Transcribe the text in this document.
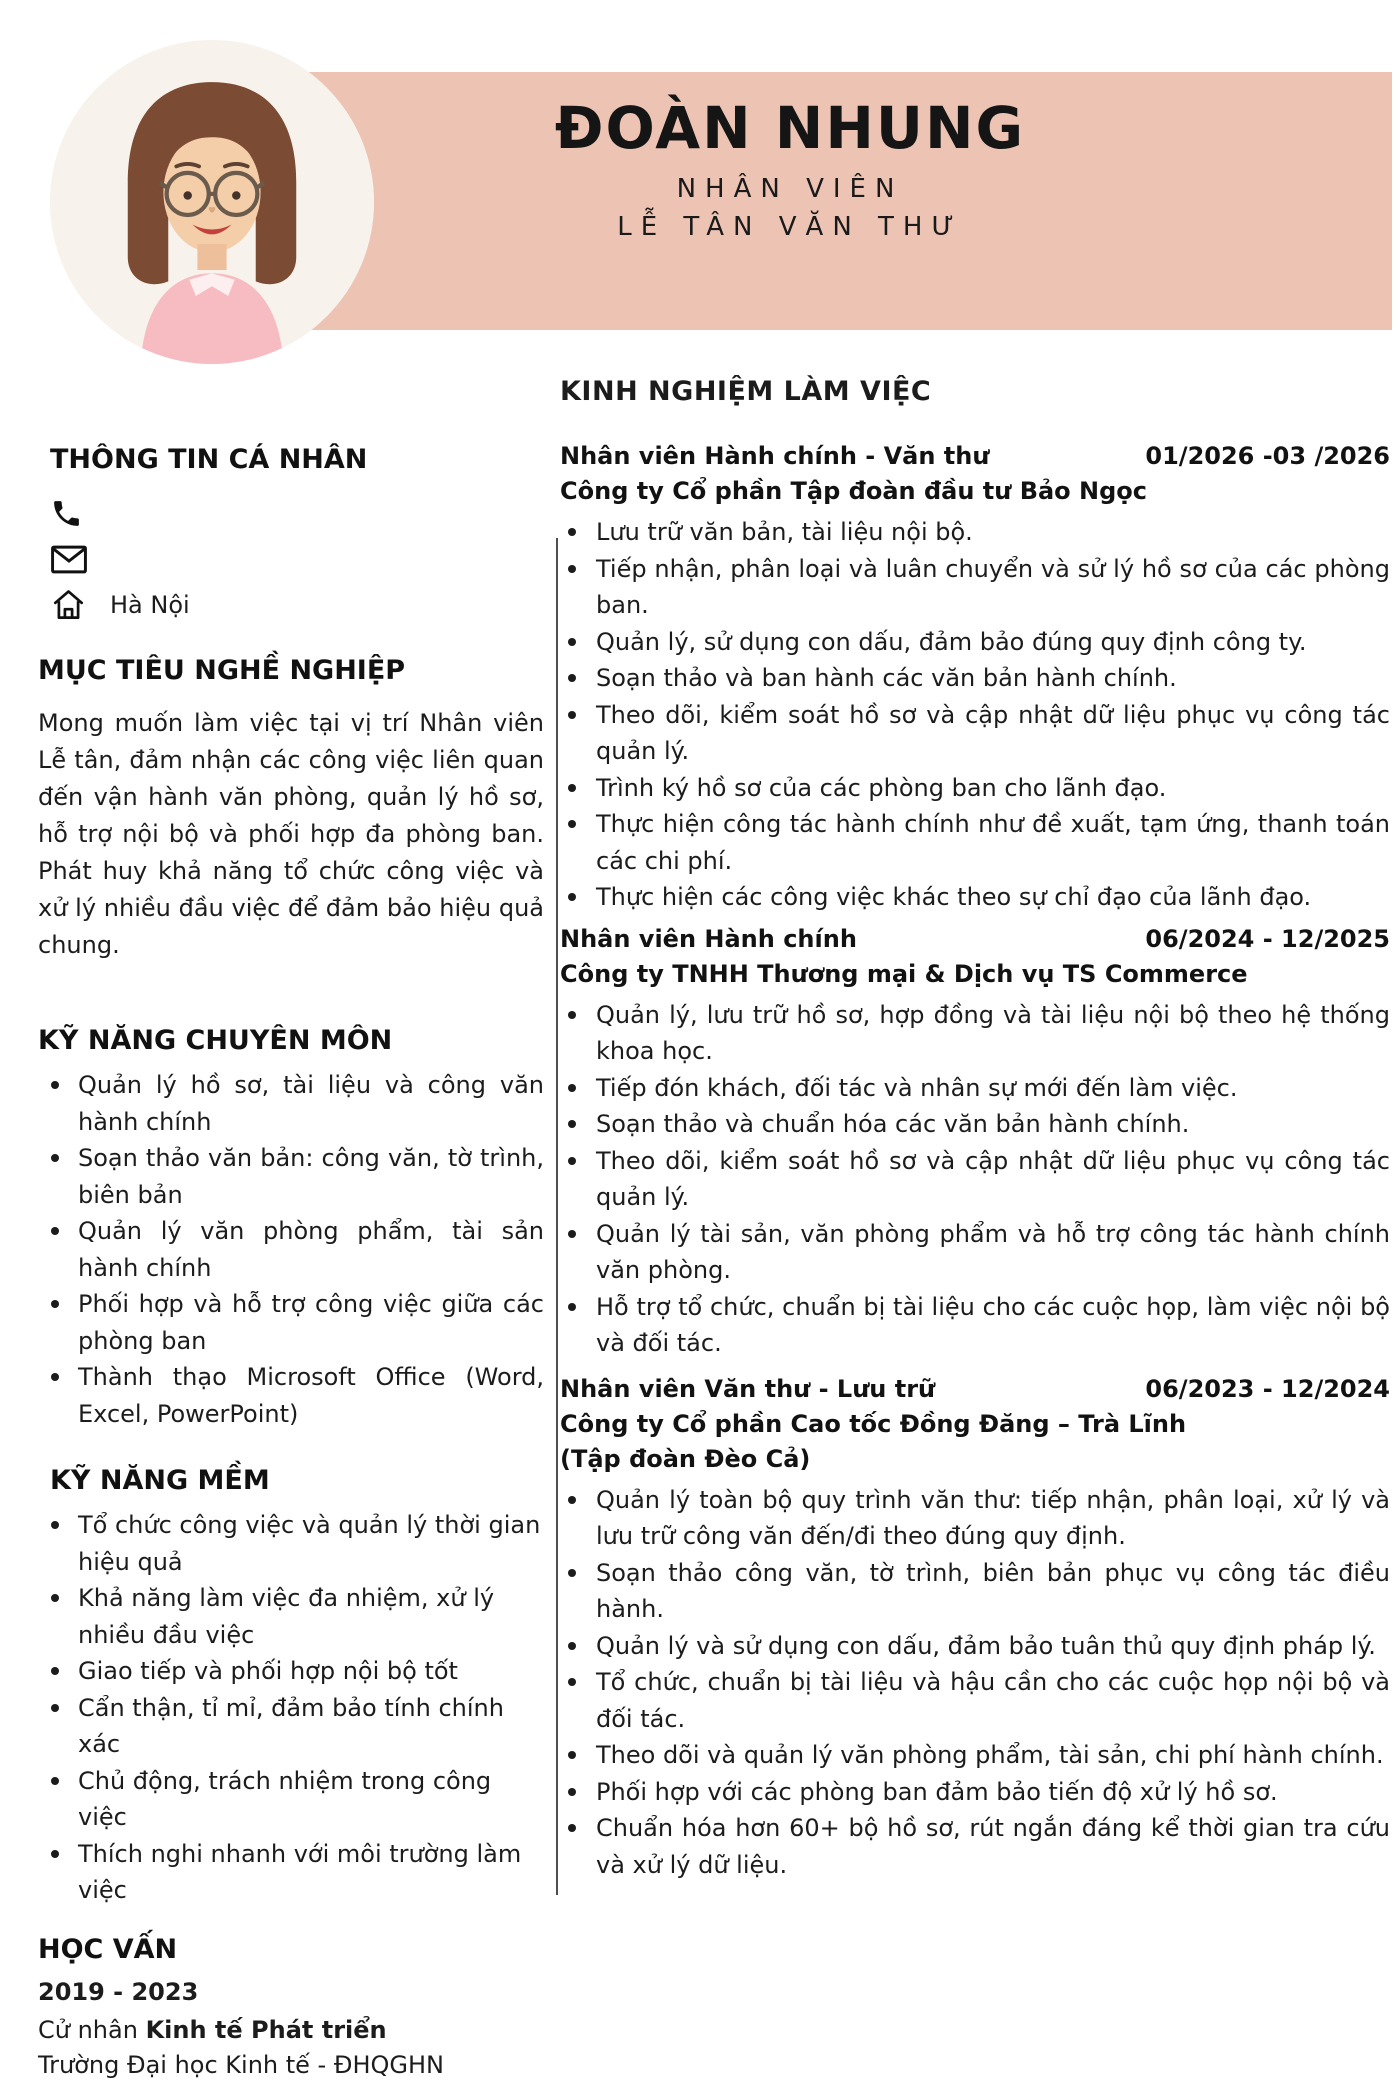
ĐOÀN NHUNG
NHÂN VIÊN
LỄ TÂN VĂN THƯ
THÔNG TIN CÁ NHÂN
Hà Nội
MỤC TIÊU NGHỀ NGHIỆP

Mong muốn làm việc tại vị trí Nhân viên Lễ tân, đảm nhận các công việc liên quan đến vận hành văn phòng, quản lý hồ sơ, hỗ trợ nội bộ và phối hợp đa phòng ban. Phát huy khả năng tổ chức công việc và xử lý nhiều đầu việc để đảm bảo hiệu quả chung.

KỸ NĂNG CHUYÊN MÔN
Quản lý hồ sơ, tài liệu và công văn hành chính
Soạn thảo văn bản: công văn, tờ trình, biên bản
Quản lý văn phòng phẩm, tài sản hành chính
Phối hợp và hỗ trợ công việc giữa các phòng ban
Thành thạo Microsoft Office (Word, Excel, PowerPoint)
KỸ NĂNG MỀM
Tổ chức công việc và quản lý thời gian hiệu quả
Khả năng làm việc đa nhiệm, xử lý nhiều đầu việc
Giao tiếp và phối hợp nội bộ tốt
Cẩn thận, tỉ mỉ, đảm bảo tính chính xác
Chủ động, trách nhiệm trong công việc
Thích nghi nhanh với môi trường làm việc
HỌC VẤN
2019 - 2023
Cử nhân Kinh tế Phát triển
Trường Đại học Kinh tế - ĐHQGHN
KINH NGHIỆM LÀM VIỆC
Nhân viên Hành chính - Văn thư	01/2026 -03 /2026
Công ty Cổ phần Tập đoàn đầu tư Bảo Ngọc
Lưu trữ văn bản, tài liệu nội bộ.
Tiếp nhận, phân loại và luân chuyển và sử lý hồ sơ của các phòng ban.
Quản lý, sử dụng con dấu, đảm bảo đúng quy định công ty.
Soạn thảo và ban hành các văn bản hành chính.
Theo dõi, kiểm soát hồ sơ và cập nhật dữ liệu phục vụ công tác quản lý.
Trình ký hồ sơ của các phòng ban cho lãnh đạo.
Thực hiện công tác hành chính như đề xuất, tạm ứng, thanh toán các chi phí.
Thực hiện các công việc khác theo sự chỉ đạo của lãnh đạo.
Nhân viên Hành chính	06/2024 - 12/2025
Công ty TNHH Thương mại & Dịch vụ TS Commerce
Quản lý, lưu trữ hồ sơ, hợp đồng và tài liệu nội bộ theo hệ thống khoa học.
Tiếp đón khách, đối tác và nhân sự mới đến làm việc.
Soạn thảo và chuẩn hóa các văn bản hành chính.
Theo dõi, kiểm soát hồ sơ và cập nhật dữ liệu phục vụ công tác quản lý.
Quản lý tài sản, văn phòng phẩm và hỗ trợ công tác hành chính văn phòng.
Hỗ trợ tổ chức, chuẩn bị tài liệu cho các cuộc họp, làm việc nội bộ và đối tác.
Nhân viên Văn thư - Lưu trữ	06/2023 - 12/2024
Công ty Cổ phần Cao tốc Đồng Đăng – Trà Lĩnh
(Tập đoàn Đèo Cả)
Quản lý toàn bộ quy trình văn thư: tiếp nhận, phân loại, xử lý và lưu trữ công văn đến/đi theo đúng quy định.
Soạn thảo công văn, tờ trình, biên bản phục vụ công tác điều hành.
Quản lý và sử dụng con dấu, đảm bảo tuân thủ quy định pháp lý.
Tổ chức, chuẩn bị tài liệu và hậu cần cho các cuộc họp nội bộ và đối tác.
Theo dõi và quản lý văn phòng phẩm, tài sản, chi phí hành chính.
Phối hợp với các phòng ban đảm bảo tiến độ xử lý hồ sơ.
Chuẩn hóa hơn 60+ bộ hồ sơ, rút ngắn đáng kể thời gian tra cứu và xử lý dữ liệu.
